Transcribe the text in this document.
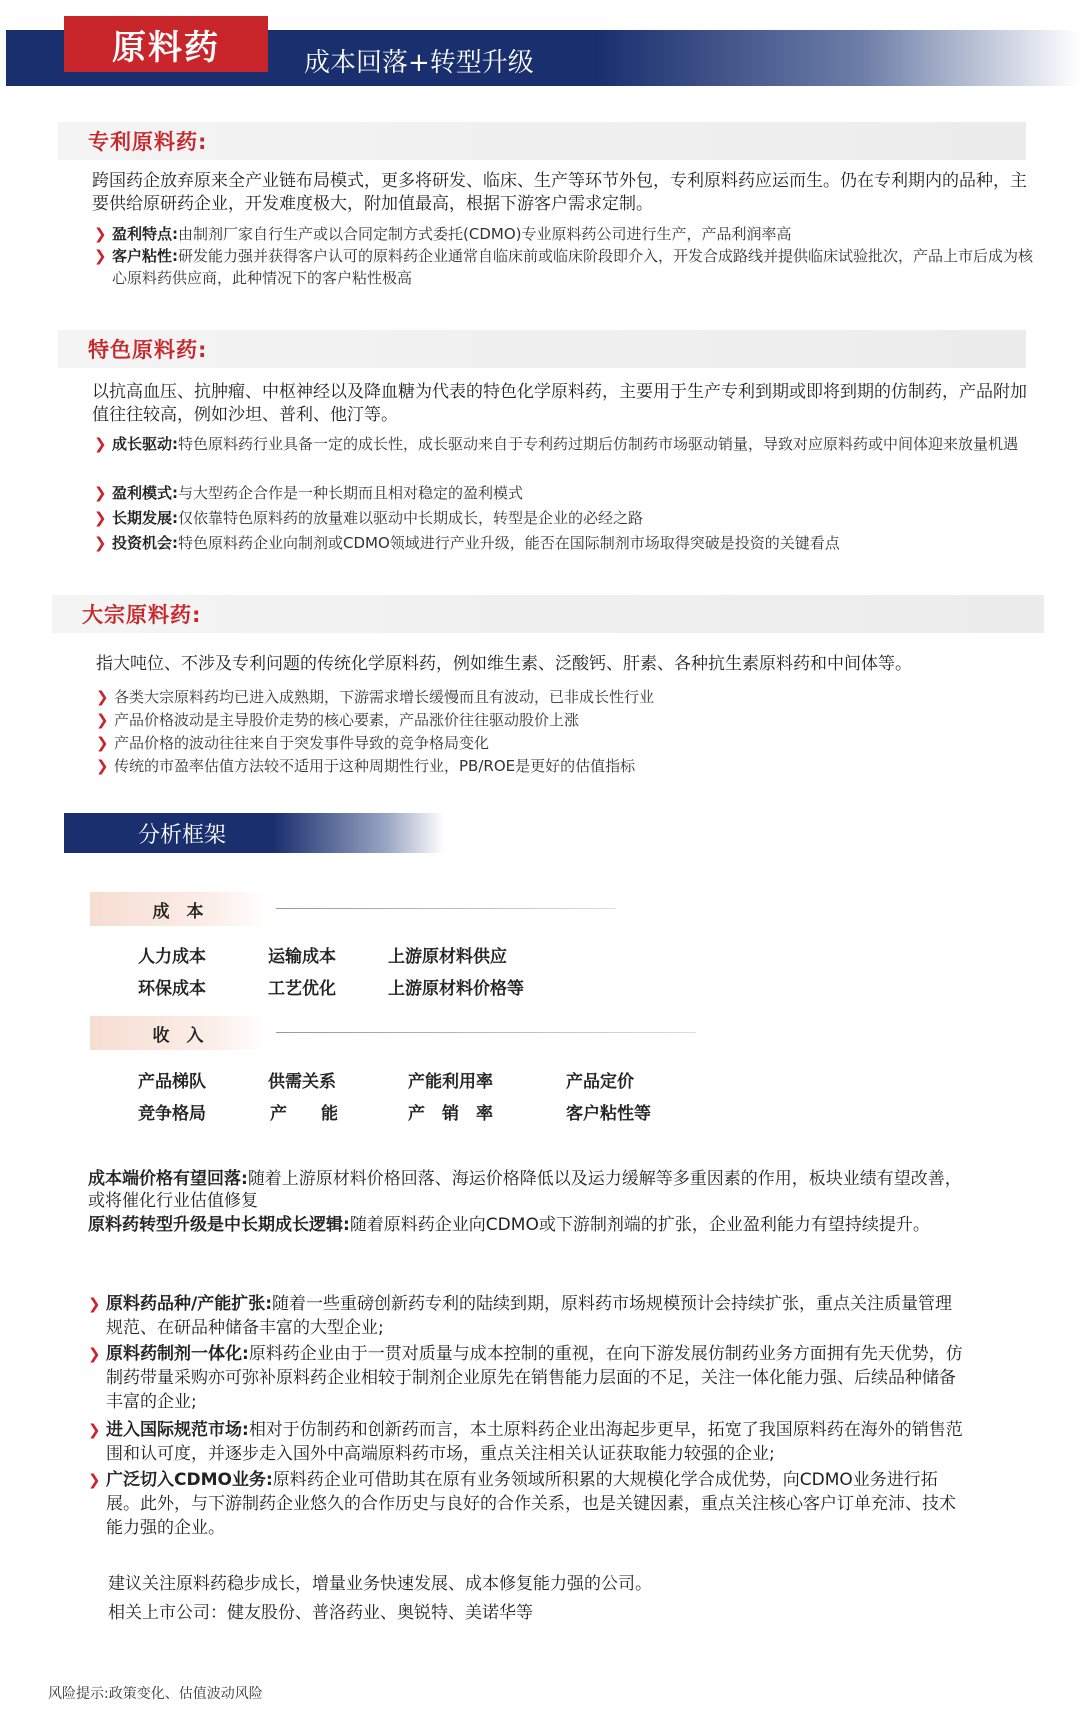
原料药	成本回落+转型升级
专利原料药:
跨国药企放弃原来全产业链布局模式，更多将研发、临床、生产等环节外包，专利原料药应运而生。仍在专利期内的品种，主要供给原研药企业，开发难度极大，附加值最高，根据下游客户需求定制。
❯ 盈利特点:由制剂厂家自行生产或以合同定制方式委托(CDMO)专业原料药公司进行生产，产品利润率高
❯ 客户粘性:研发能力强并获得客户认可的原料药企业通常自临床前或临床阶段即介入，开发合成路线并提供临床试验批次，产品上市后成为核心原料药供应商，此种情况下的客户粘性极高
特色原料药:
以抗高血压、抗肿瘤、中枢神经以及降血糖为代表的特色化学原料药，主要用于生产专利到期或即将到期的仿制药，产品附加值往往较高，例如沙坦、普利、他汀等。
❯ 成长驱动:特色原料药行业具备一定的成长性，成长驱动来自于专利药过期后仿制药市场驱动销量，导致对应原料药或中间体迎来放量机遇
❯ 盈利模式:与大型药企合作是一种长期而且相对稳定的盈利模式
❯ 长期发展:仅依靠特色原料药的放量难以驱动中长期成长，转型是企业的必经之路
❯ 投资机会:特色原料药企业向制剂或CDMO领域进行产业升级，能否在国际制剂市场取得突破是投资的关键看点
大宗原料药:
指大吨位、不涉及专利问题的传统化学原料药，例如维生素、泛酸钙、肝素、各种抗生素原料药和中间体等。
❯ 各类大宗原料药均已进入成熟期，下游需求增长缓慢而且有波动，已非成长性行业
❯ 产品价格波动是主导股价走势的核心要素，产品涨价往往驱动股价上涨
❯ 产品价格的波动往往来自于突发事件导致的竞争格局变化
❯ 传统的市盈率估值方法较不适用于这种周期性行业，PB/ROE是更好的估值指标
分析框架
成　本
人力成本	运输成本	上游原材料供应
环保成本	工艺优化	上游原材料价格等
收　入
产品梯队	供需关系	产能利用率	产品定价
竞争格局	产　　能	产　销　率	客户粘性等
成本端价格有望回落:随着上游原材料价格回落、海运价格降低以及运力缓解等多重因素的作用，板块业绩有望改善，或将催化行业估值修复
原料药转型升级是中长期成长逻辑:随着原料药企业向CDMO或下游制剂端的扩张，企业盈利能力有望持续提升。
❯ 原料药品种/产能扩张:随着一些重磅创新药专利的陆续到期，原料药市场规模预计会持续扩张，重点关注质量管理规范、在研品种储备丰富的大型企业;
❯ 原料药制剂一体化:原料药企业由于一贯对质量与成本控制的重视，在向下游发展仿制药业务方面拥有先天优势，仿制药带量采购亦可弥补原料药企业相较于制剂企业原先在销售能力层面的不足，关注一体化能力强、后续品种储备丰富的企业;
❯ 进入国际规范市场:相对于仿制药和创新药而言，本土原料药企业出海起步更早，拓宽了我国原料药在海外的销售范围和认可度，并逐步走入国外中高端原料药市场，重点关注相关认证获取能力较强的企业;
❯ 广泛切入CDMO业务:原料药企业可借助其在原有业务领域所积累的大规模化学合成优势，向CDMO业务进行拓展。此外，与下游制药企业悠久的合作历史与良好的合作关系，也是关键因素，重点关注核心客户订单充沛、技术能力强的企业。
建议关注原料药稳步成长，增量业务快速发展、成本修复能力强的公司。
相关上市公司：健友股份、普洛药业、奥锐特、美诺华等
风险提示:政策变化、估值波动风险
